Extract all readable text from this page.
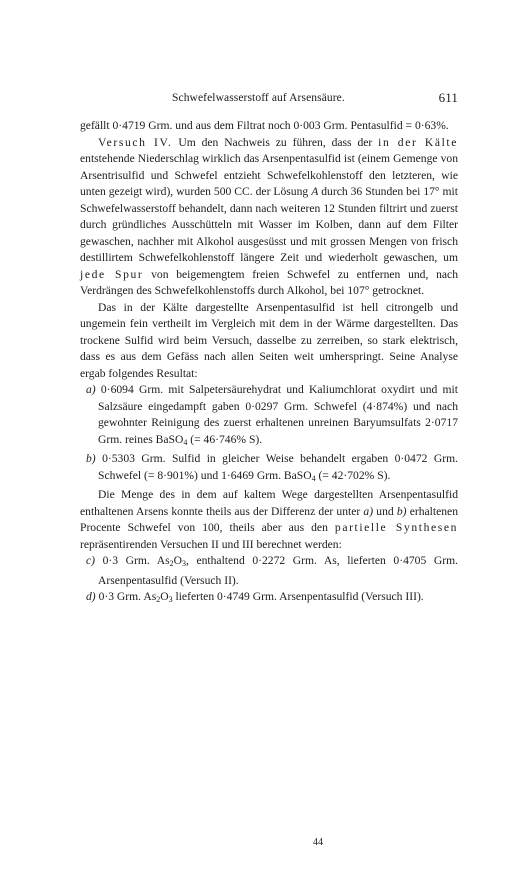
Schwefelwasserstoff auf Arsensäure.	611

gefällt 0·4719 Grm. und aus dem Filtrat noch 0·003 Grm. Pentasulfid = 0·63%.

Versuch IV. Um den Nachweis zu führen, dass der in der Kälte entstehende Niederschlag wirklich das Arsenpentasulfid ist (einem Gemenge von Arsentrisulfid und Schwefel entzieht Schwefelkohlenstoff den letzteren, wie unten gezeigt wird), wurden 500 CC. der Lösung A durch 36 Stunden bei 17° mit Schwefelwasserstoff behandelt, dann nach weiteren 12 Stunden filtrirt und zuerst durch gründliches Ausschütteln mit Wasser im Kolben, dann auf dem Filter gewaschen, nachher mit Alkohol ausgesüsst und mit grossen Mengen von frisch destillirtem Schwefelkohlenstoff längere Zeit und wiederholt gewaschen, um jede Spur von beigemengtem freien Schwefel zu entfernen und, nach Verdrängen des Schwefelkohlenstoffs durch Alkohol, bei 107° getrocknet.

Das in der Kälte dargestellte Arsenpentasulfid ist hell citrongelb und ungemein fein vertheilt im Vergleich mit dem in der Wärme dargestellten. Das trockene Sulfid wird beim Versuch, dasselbe zu zerreiben, so stark elektrisch, dass es aus dem Gefäss nach allen Seiten weit umherspringt. Seine Analyse ergab folgendes Resultat:

a) 0·6094 Grm. mit Salpetersäurehydrat und Kaliumchlorat oxydirt und mit Salzsäure eingedampft gaben 0·0297 Grm. Schwefel (4·874%) und nach gewohnter Reinigung des zuerst erhaltenen unreinen Baryumsulfats 2·0717 Grm. reines BaSO$_4$ (= 46·746% S).

b) 0·5303 Grm. Sulfid in gleicher Weise behandelt ergaben 0·0472 Grm. Schwefel (= 8·901%) und 1·6469 Grm. BaSO$_4$ (= 42·702% S).

Die Menge des in dem auf kaltem Wege dargestellten Arsenpentasulfid enthaltenen Arsens konnte theils aus der Differenz der unter a) und b) erhaltenen Procente Schwefel von 100, theils aber aus den partielle Synthesen repräsentirenden Versuchen II und III berechnet werden:

c) 0·3 Grm. $As_2O_3$, enthaltend 0·2272 Grm. As, lieferten 0·4705 Grm. Arsenpentasulfid (Versuch II).

d) 0·3 Grm. $As_2O_3$ lieferten 0·4749 Grm. Arsenpentasulfid (Versuch III).

44
